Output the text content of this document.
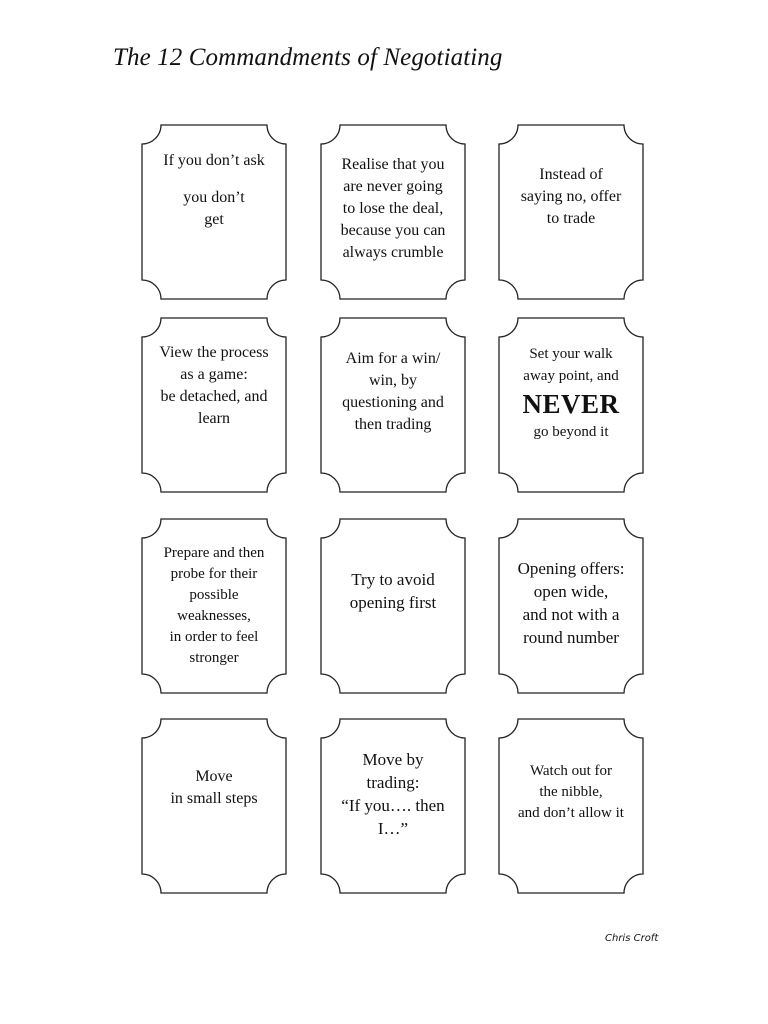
The 12 Commandments of Negotiating
If you don’t ask
you don’t
get
Realise that you
are never going
to lose the deal,
because you can
always crumble
Instead of
saying no, offer
to trade
View the process
as a game:
be detached, and
learn
Aim for a win/
win, by
questioning and
then trading
Set your walk
away point, and
NEVER
go beyond it
Prepare and then
probe for their
possible
weaknesses,
in order to feel
stronger
Try to avoid
opening first
Opening offers:
open wide,
and not with a
round number
Move
in small steps
Move by
trading:
“If you…. then
I…”
Watch out for
the nibble,
and don’t allow it
Chris Croft
